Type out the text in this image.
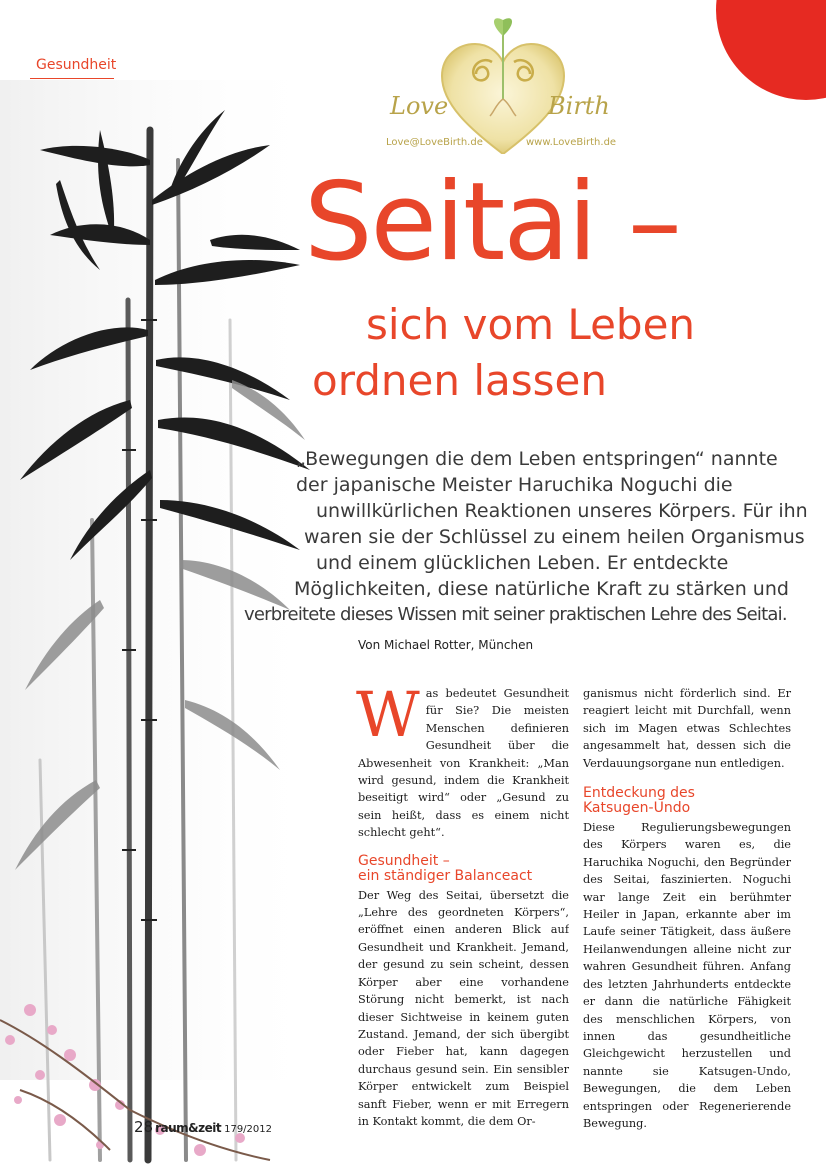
Gesundheit
Love	Birth
Love@LoveBirth.de	www.LoveBirth.de
Seitai –
sich vom Leben
ordnen lassen
„Bewegungen die dem Leben entspringen“ nannte
der japanische Meister Haruchika Noguchi die
unwillkürlichen Reaktionen unseres Körpers. Für ihn
waren sie der Schlüssel zu einem heilen Organismus
und einem glücklichen Leben. Er entdeckte
Möglichkeiten, diese natürliche Kraft zu stärken und
verbreitete dieses Wissen mit seiner praktischen Lehre des Seitai.
Von Michael Rotter, München

Was bedeutet Gesundheit für Sie? Die meisten Menschen definieren Gesundheit über die Abwesenheit von Krankheit: „Man wird gesund, indem die Krankheit beseitigt wird“ oder „Gesund zu sein heißt, dass es einem nicht schlecht geht“.

Gesundheit –
ein ständiger Balanceact

Der Weg des Seitai, übersetzt die „Lehre des geordneten Körpers“, eröffnet einen anderen Blick auf Gesundheit und Krankheit. Jemand, der gesund zu sein scheint, dessen Körper aber eine vorhandene Störung nicht bemerkt, ist nach dieser Sichtweise in keinem guten Zustand. Jemand, der sich übergibt oder Fieber hat, kann dagegen durchaus gesund sein. Ein sensibler Körper entwickelt zum Beispiel sanft Fieber, wenn er mit Erregern in Kontakt kommt, die dem Or-

ganismus nicht förderlich sind. Er reagiert leicht mit Durchfall, wenn sich im Magen etwas Schlechtes angesammelt hat, dessen sich die Verdauungsorgane nun entledigen.

Entdeckung des
Katsugen-Undo

Diese Regulierungsbewegungen des Körpers waren es, die Haruchika Noguchi, den Begründer des Seitai, faszinierten. Noguchi war lange Zeit ein berühmter Heiler in Japan, erkannte aber im Laufe seiner Tätigkeit, dass äußere Heilanwendungen alleine nicht zur wahren Gesundheit führen. Anfang des letzten Jahrhunderts entdeckte er dann die natürliche Fähigkeit des menschlichen Körpers, von innen das gesundheitliche Gleichgewicht herzustellen und nannte sie Katsugen-Undo, Bewegungen, die dem Leben entspringen oder Regenerierende Bewegung.

28 raum&zeit 179/2012
